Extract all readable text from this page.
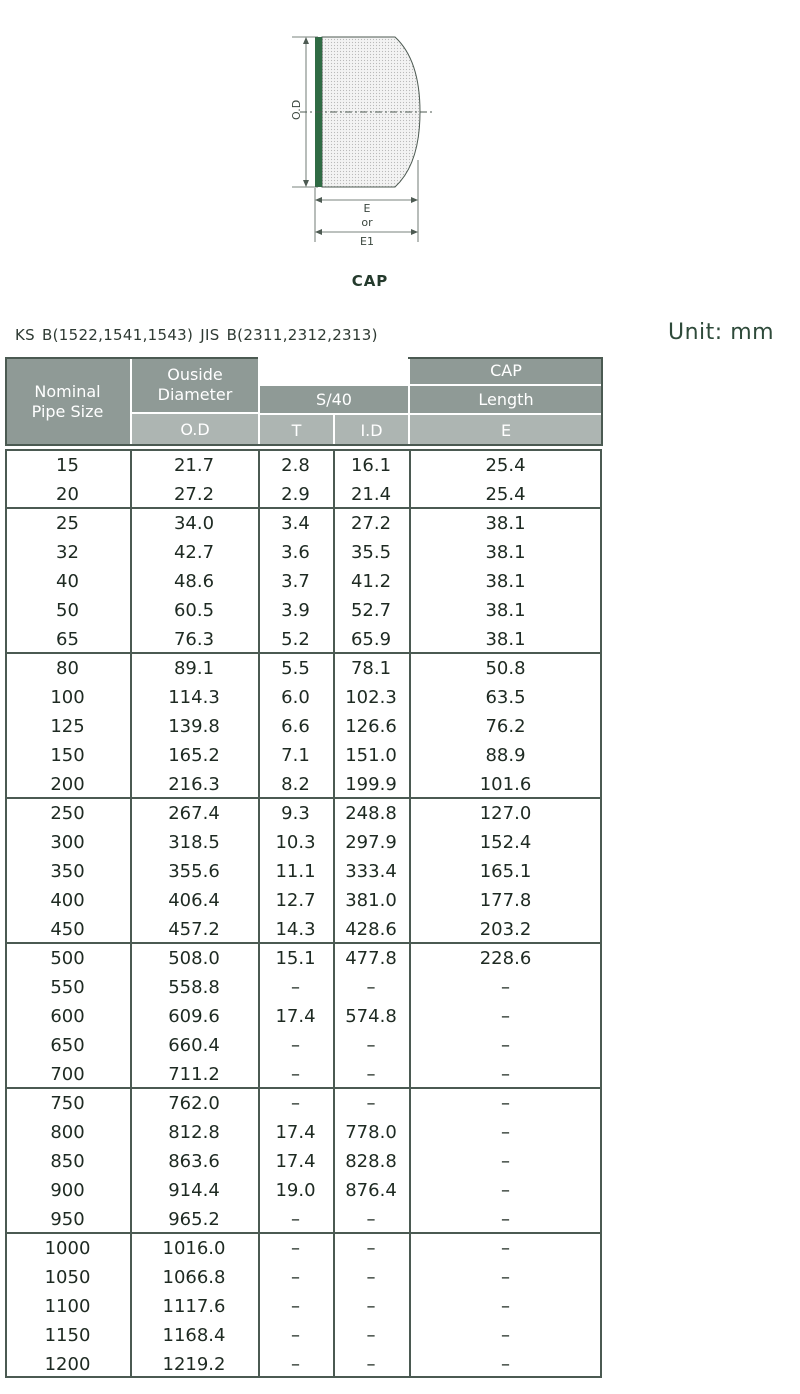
O.D
E
or
E1
CAP
KS B(1522,1541,1543) JIS B(2311,2312,2313)	Unit: mm
Nominal Pipe Size
Ouside Diameter
O.D
S/40
T	I.D
CAP
Length
E
15	21.7	2.8	16.1	25.4
20	27.2	2.9	21.4	25.4
25	34.0	3.4	27.2	38.1
32	42.7	3.6	35.5	38.1
40	48.6	3.7	41.2	38.1
50	60.5	3.9	52.7	38.1
65	76.3	5.2	65.9	38.1
80	89.1	5.5	78.1	50.8
100	114.3	6.0	102.3	63.5
125	139.8	6.6	126.6	76.2
150	165.2	7.1	151.0	88.9
200	216.3	8.2	199.9	101.6
250	267.4	9.3	248.8	127.0
300	318.5	10.3	297.9	152.4
350	355.6	11.1	333.4	165.1
400	406.4	12.7	381.0	177.8
450	457.2	14.3	428.6	203.2
500	508.0	15.1	477.8	228.6
550	558.8	–	–	–
600	609.6	17.4	574.8	–
650	660.4	–	–	–
700	711.2	–	–	–
750	762.0	–	–	–
800	812.8	17.4	778.0	–
850	863.6	17.4	828.8	–
900	914.4	19.0	876.4	–
950	965.2	–	–	–
1000	1016.0	–	–	–
1050	1066.8	–	–	–
1100	1117.6	–	–	–
1150	1168.4	–	–	–
1200	1219.2	–	–	–
